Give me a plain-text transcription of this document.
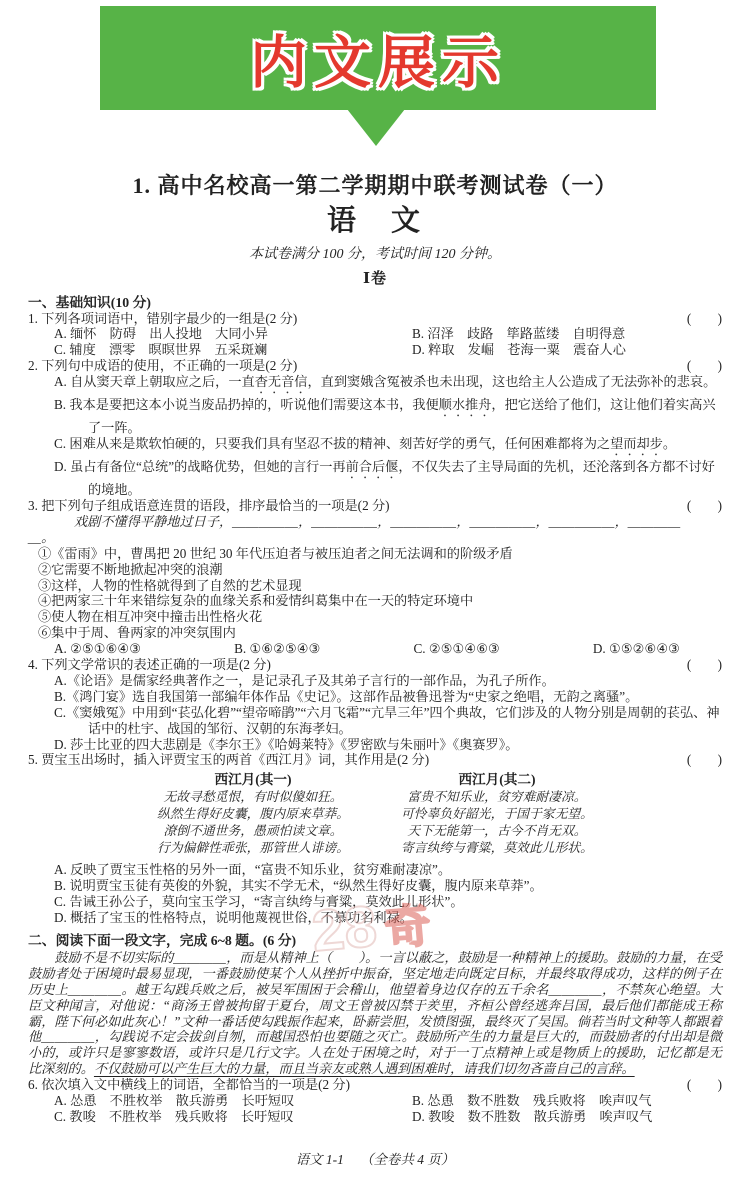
内文展示
1. 高中名校高一第二学期期中联考测试卷（一）
语　文
本试卷满分 100 分，考试时间 120 分钟。
Ⅰ卷
一、基础知识(10 分)
1. 下列各项词语中，错别字最少的一组是(2 分)	(　　)
A. 缅怀　防碍　出人投地　大同小异	B. 沼泽　歧路　筚路蓝缕　自明得意
C. 辅度　漂零　暝暝世界　五采斑斓	D. 粹取　发崛　苍海一粟　震奋人心
2. 下列句中成语的使用，不正确的一项是(2 分)	(　　)
A. 自从窦天章上朝取应之后，一直杳无音信，直到窦娥含冤被杀也未出现，这也给主人公造成了无法弥补的悲哀。
B. 我本是要把这本小说当废品扔掉的，听说他们需要这本书，我便顺水推舟，把它送给了他们，这让他们着实高兴了一阵。
C. 困难从来是欺软怕硬的，只要我们具有坚忍不拔的精神、刻苦好学的勇气，任何困难都将为之望而却步。
D. 虽占有备位“总统”的战略优势，但她的言行一再前合后偃，不仅失去了主导局面的先机，还沦落到各方都不讨好的境地。
3. 把下列句子组成语意连贯的语段，排序最恰当的一项是(2 分)	(　　)
戏剧不懂得平静地过日子，＿＿＿＿＿，＿＿＿＿＿，＿＿＿＿＿，＿＿＿＿＿，＿＿＿＿＿，＿＿＿＿
＿。
①《雷雨》中，曹禺把 20 世纪 30 年代压迫者与被压迫者之间无法调和的阶级矛盾
②它需要不断地掀起冲突的浪潮
③这样，人物的性格就得到了自然的艺术显现
④把两家三十年来错综复杂的血缘关系和爱情纠葛集中在一天的特定环境中
⑤使人物在相互冲突中撞击出性格火花
⑥集中于周、鲁两家的冲突氛围内
A. ②⑤①⑥④③	B. ①⑥②⑤④③	C. ②⑤①④⑥③	D. ①⑤②⑥④③
4. 下列文学常识的表述正确的一项是(2 分)	(　　)
A.《论语》是儒家经典著作之一，是记录孔子及其弟子言行的一部作品，为孔子所作。
B.《鸿门宴》选自我国第一部编年体作品《史记》。这部作品被鲁迅誉为“史家之绝唱，无韵之离骚”。
C.《窦娥冤》中用到“苌弘化碧”“望帝啼鹃”“六月飞霜”“亢旱三年”四个典故，它们涉及的人物分别是周朝的苌弘、神话中的杜宇、战国的邹衍、汉朝的东海孝妇。
D. 莎士比亚的四大悲剧是《李尔王》《哈姆莱特》《罗密欧与朱丽叶》《奥赛罗》。
5. 贾宝玉出场时，插入评贾宝玉的两首《西江月》词，其作用是(2 分)	(　　)
西江月(其一)
无故寻愁觅恨，有时似傻如狂。
纵然生得好皮囊，腹内原来草莽。
潦倒不通世务，愚顽怕读文章。
行为偏僻性乖张，那管世人诽谤。
西江月(其二)
富贵不知乐业，贫穷难耐凄凉。
可怜辜负好韶光，于国于家无望。
天下无能第一，古今不肖无双。
寄言纨绔与膏粱，莫效此儿形状。
A. 反映了贾宝玉性格的另外一面，“富贵不知乐业，贫穷难耐凄凉”。
B. 说明贾宝玉徒有英俊的外貌，其实不学无术，“纵然生得好皮囊，腹内原来草莽”。
C. 告诫王孙公子，莫向宝玉学习，“寄言纨绔与膏粱，莫效此儿形状”。
D. 概括了宝玉的性格特点，说明他蔑视世俗，不慕功名利禄。
二、阅读下面一段文字，完成 6~8 题。(6 分)

鼓励不是不切实际的＿＿＿＿，而是从精神上（　　）。一言以蔽之，鼓励是一种精神上的援助。鼓励的力量，在受鼓励者处于困境时最易显现，一番鼓励使某个人从挫折中振奋，坚定地走向既定目标，并最终取得成功，这样的例子在历史上＿＿＿＿。越王勾践兵败之后，被吴军围困于会稽山，他望着身边仅存的五千余名＿＿＿＿，不禁灰心绝望。大臣文种闻言，对他说：“商汤王曾被拘留于夏台，周文王曾被囚禁于羑里，齐桓公曾经逃奔吕国，最后他们都能成王称霸，陛下何必如此灰心！”文种一番话使勾践振作起来，卧薪尝胆，发愤图强，最终灭了吴国。倘若当时文种等人都跟着他＿＿＿＿，勾践说不定会拔剑自刎，而越国恐怕也要随之灭亡。鼓励所产生的力量是巨大的，而鼓励者的付出却是微小的，或许只是寥寥数语，或许只是几行文字。人在处于困境之时，对于一丁点精神上或是物质上的援助，记忆都是无比深刻的。不仅鼓励可以产生巨大的力量，而且当亲友或熟人遇到困难时，请我们切勿吝啬自己的言辞。

6. 依次填入文中横线上的词语，全都恰当的一项是(2 分)	(　　)
A. 怂恿　不胜枚举　散兵游勇　长吁短叹	B. 怂恿　数不胜数　残兵败将　唉声叹气
C. 教唆　不胜枚举　残兵败将　长吁短叹	D. 教唆　数不胜数　散兵游勇　唉声叹气
语文 1-1 （全卷共 4 页）
28 奇
